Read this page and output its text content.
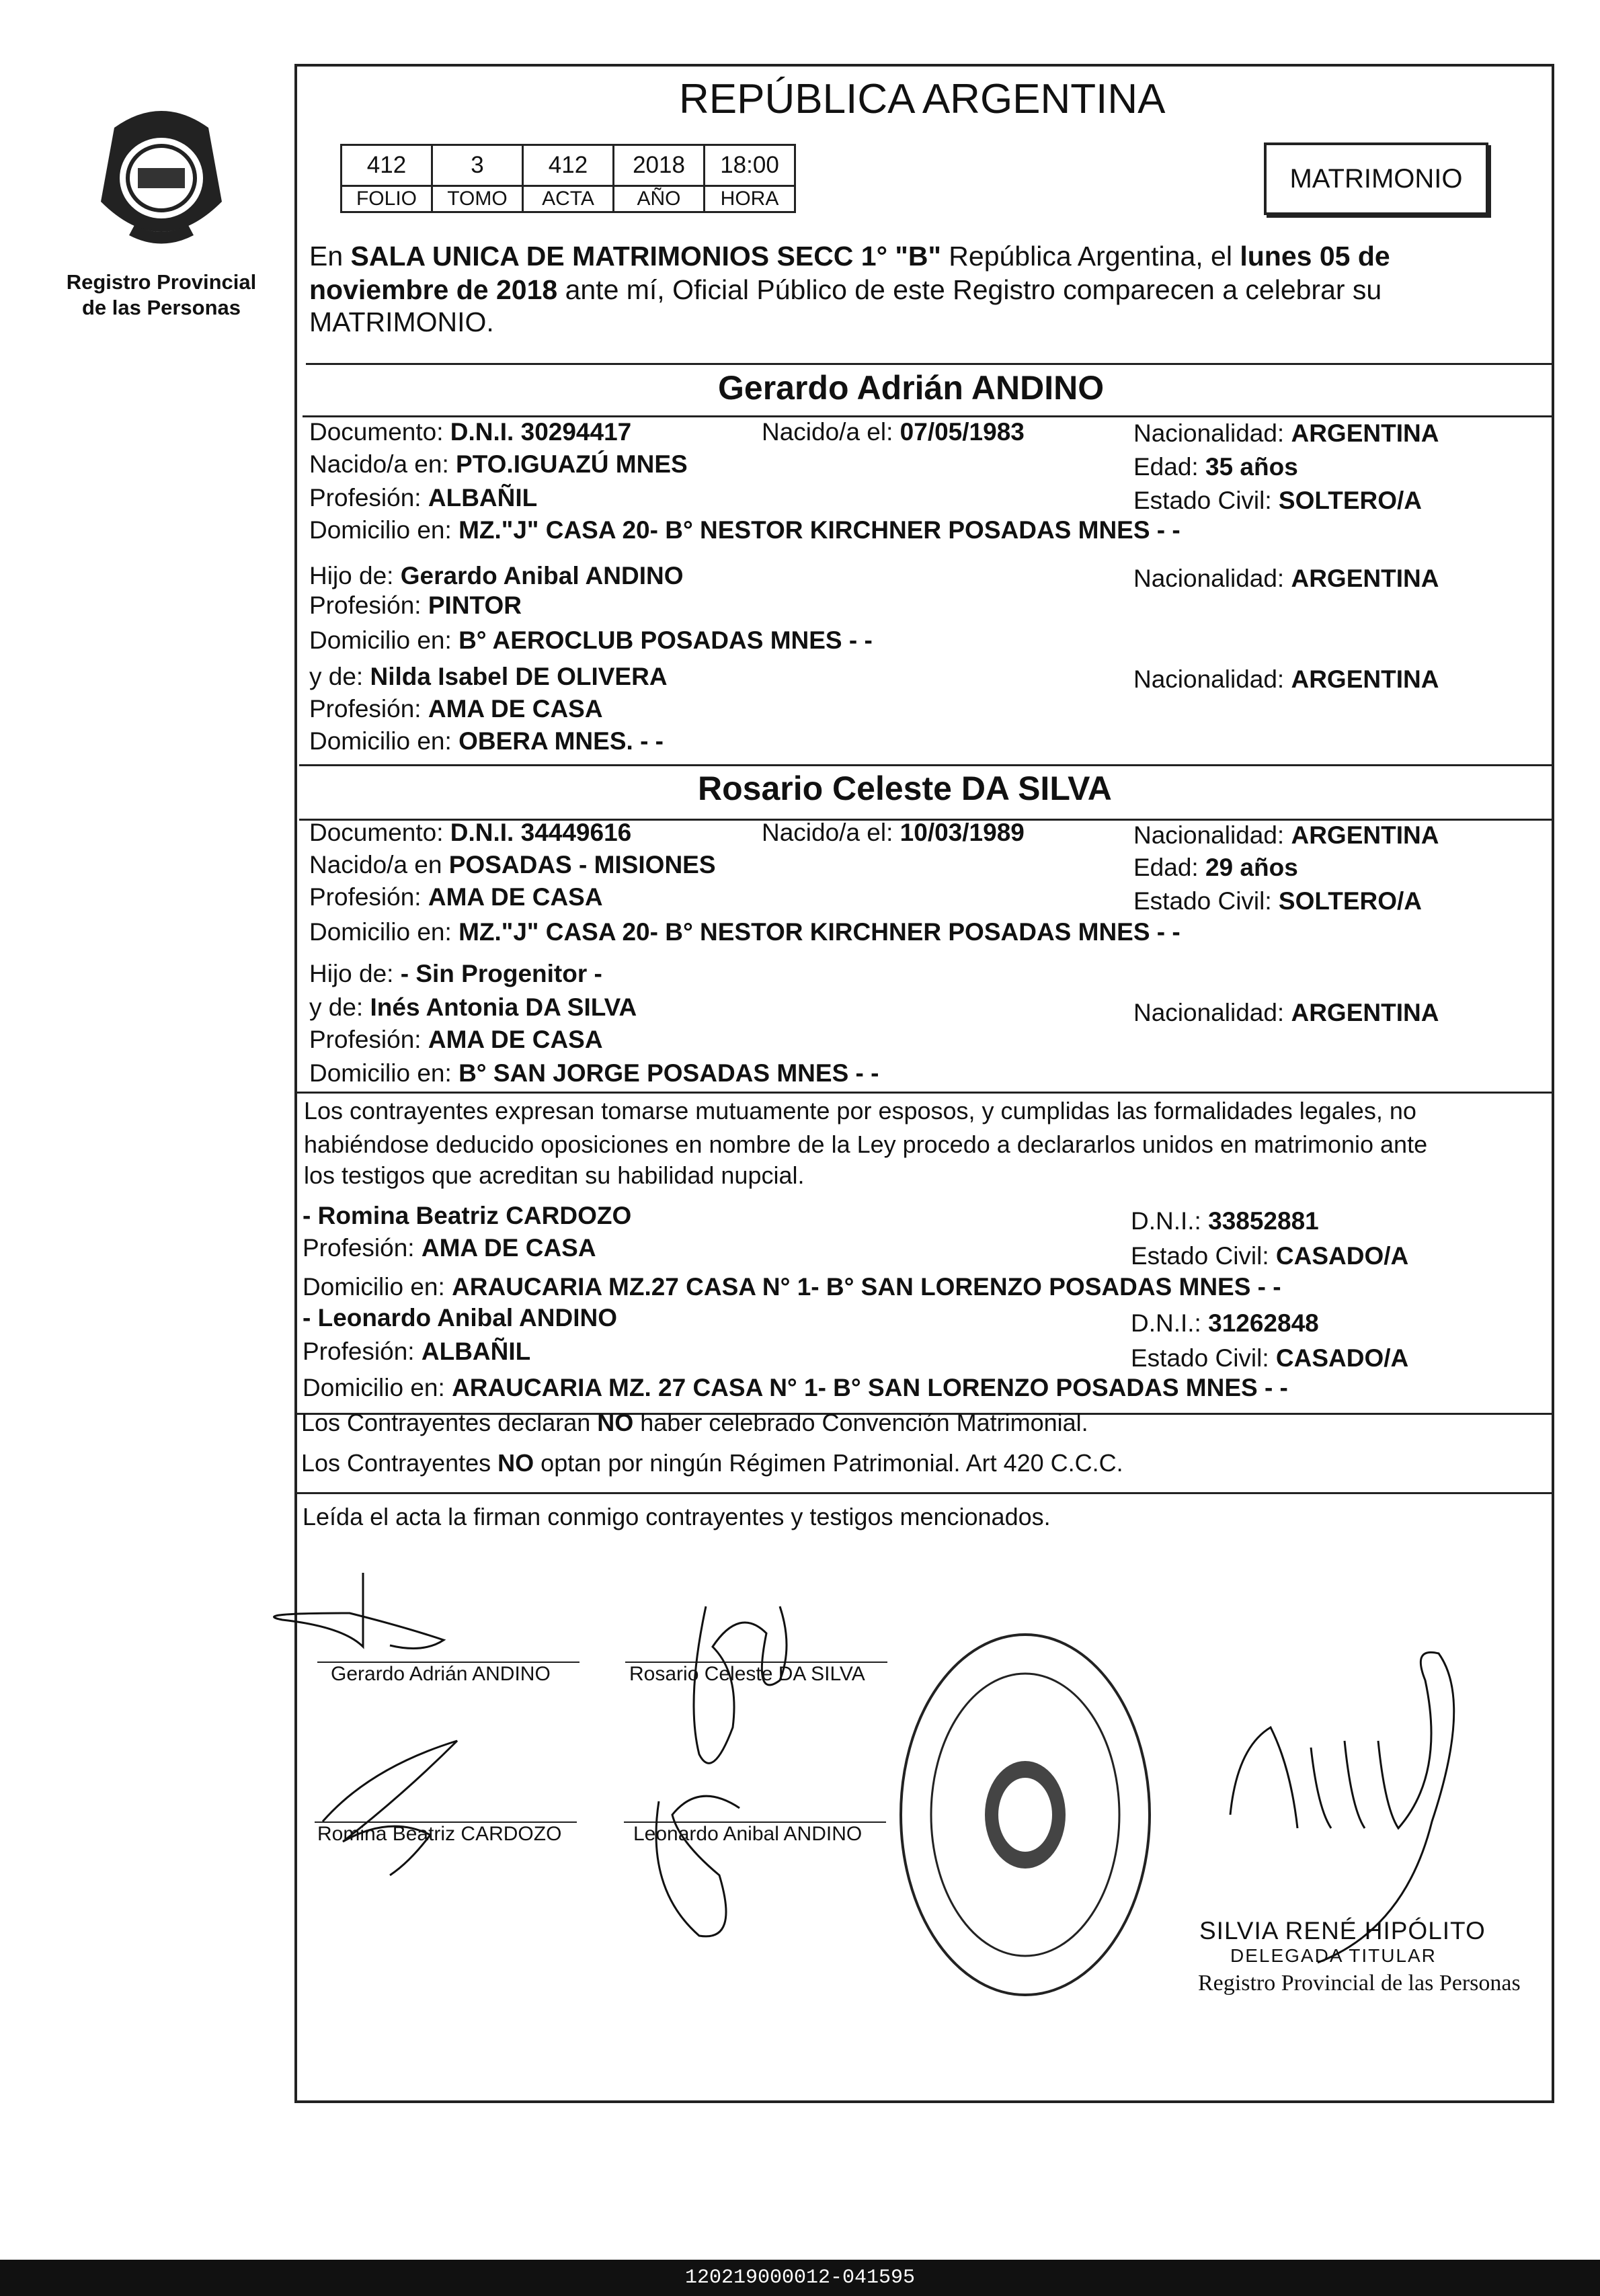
Registro Provincial
de las Personas
REPÚBLICA ARGENTINA
412	3	412	2018	18:00
FOLIO	TOMO	ACTA	AÑO	HORA
MATRIMONIO
En SALA UNICA DE MATRIMONIOS SECC 1° "B" República Argentina, el lunes 05 de
noviembre de 2018 ante mí, Oficial Público de este Registro comparecen a celebrar su
MATRIMONIO.
Gerardo Adrián ANDINO
Documento: D.N.I. 30294417	Nacido/a el: 07/05/1983	Nacionalidad: ARGENTINA
Nacido/a en: PTO.IGUAZÚ MNES	Edad: 35 años
Profesión: ALBAÑIL	Estado Civil: SOLTERO/A
Domicilio en: MZ."J" CASA 20- B° NESTOR KIRCHNER POSADAS MNES - -
Hijo de: Gerardo Anibal ANDINO	Nacionalidad: ARGENTINA
Profesión: PINTOR
Domicilio en: B° AEROCLUB POSADAS MNES - -
y de: Nilda Isabel DE OLIVERA	Nacionalidad: ARGENTINA
Profesión: AMA DE CASA
Domicilio en: OBERA MNES. - -
Rosario Celeste DA SILVA
Documento: D.N.I. 34449616	Nacido/a el: 10/03/1989	Nacionalidad: ARGENTINA
Nacido/a en POSADAS - MISIONES	Edad: 29 años
Profesión: AMA DE CASA	Estado Civil: SOLTERO/A
Domicilio en: MZ."J" CASA 20- B° NESTOR KIRCHNER POSADAS MNES - -
Hijo de: - Sin Progenitor -
y de: Inés Antonia DA SILVA	Nacionalidad: ARGENTINA
Profesión: AMA DE CASA
Domicilio en: B° SAN JORGE POSADAS MNES - -
Los contrayentes expresan tomarse mutuamente por esposos, y cumplidas las formalidades legales, no
habiéndose deducido oposiciones en nombre de la Ley procedo a declararlos unidos en matrimonio ante
los testigos que acreditan su habilidad nupcial.
- Romina Beatriz CARDOZO	D.N.I.: 33852881
Profesión: AMA DE CASA	Estado Civil: CASADO/A
Domicilio en: ARAUCARIA MZ.27 CASA N° 1- B° SAN LORENZO POSADAS MNES - -
- Leonardo Anibal ANDINO	D.N.I.: 31262848
Profesión: ALBAÑIL	Estado Civil: CASADO/A
Domicilio en: ARAUCARIA MZ. 27 CASA N° 1- B° SAN LORENZO POSADAS MNES - -
Los Contrayentes declaran NO haber celebrado Convención Matrimonial.
Los Contrayentes NO optan por ningún Régimen Patrimonial. Art 420 C.C.C.
Leída el acta la firman conmigo contrayentes y testigos mencionados.
Gerardo Adrián ANDINO	Rosario Celeste DA SILVA
Romina Beatriz CARDOZO	Leonardo Anibal ANDINO
SILVIA RENÉ HIPÓLITO
DELEGADA TITULAR
Registro Provincial de las Personas
120219000012-041595
